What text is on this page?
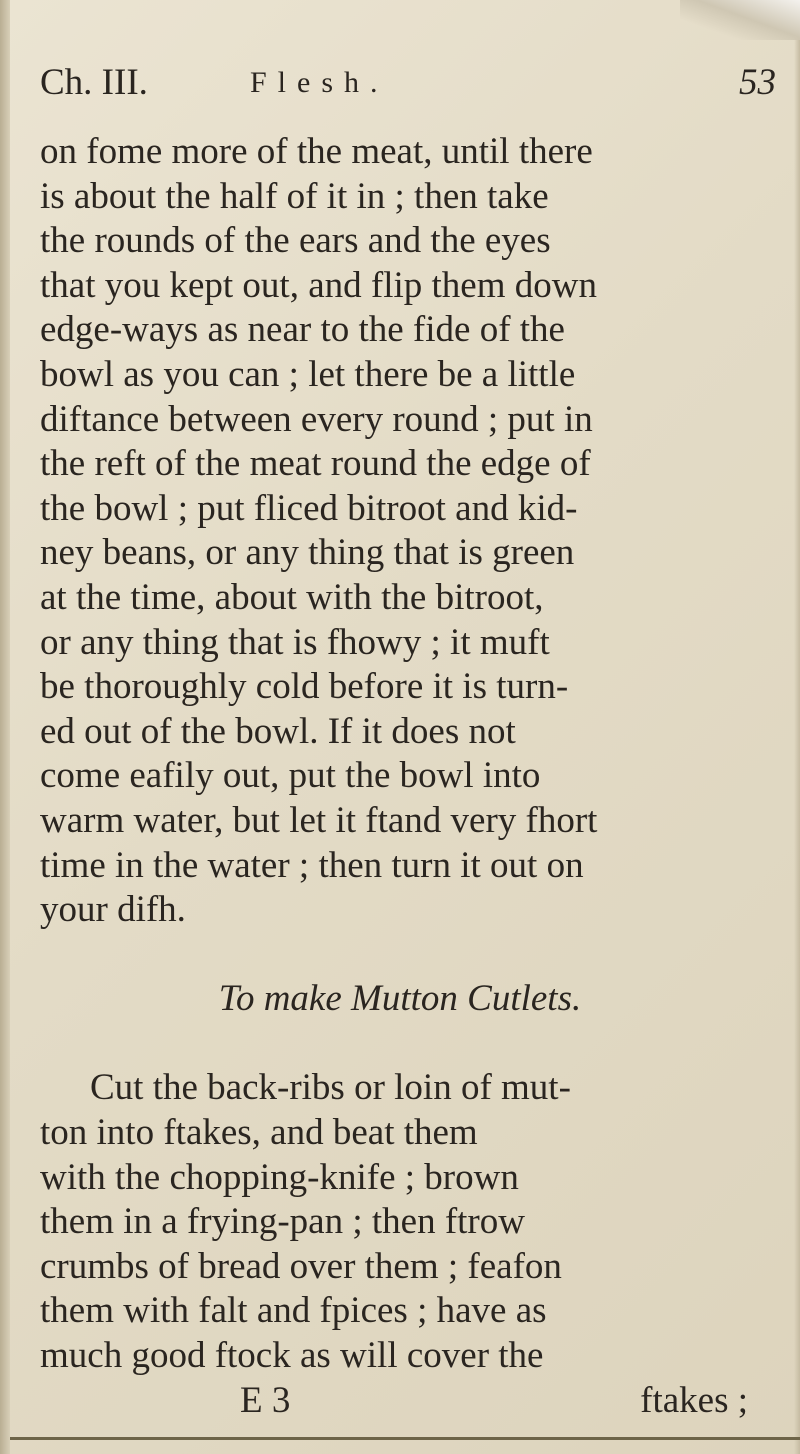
Ch. III.	Flesh.	53
on fome more of the meat, until there
is about the half of it in ; then take
the rounds of the ears and the eyes
that you kept out, and flip them down
edge-ways as near to the fide of the
bowl as you can ; let there be a little
diftance between every round ; put in
the reft of the meat round the edge of
the bowl ; put fliced bitroot and kid-
ney beans, or any thing that is green
at the time, about with the bitroot,
or any thing that is fhowy ; it muft
be thoroughly cold before it is turn-
ed out of the bowl. If it does not
come eafily out, put the bowl into
warm water, but let it ftand very fhort
time in the water ; then turn it out on
your difh.
To make Mutton Cutlets.
Cut the back-ribs or loin of mut-
ton into ftakes, and beat them
with the chopping-knife ; brown
them in a frying-pan ; then ftrow
crumbs of bread over them ; feafon
them with falt and fpices ; have as
much good ftock as will cover the
E 3	ftakes ;
